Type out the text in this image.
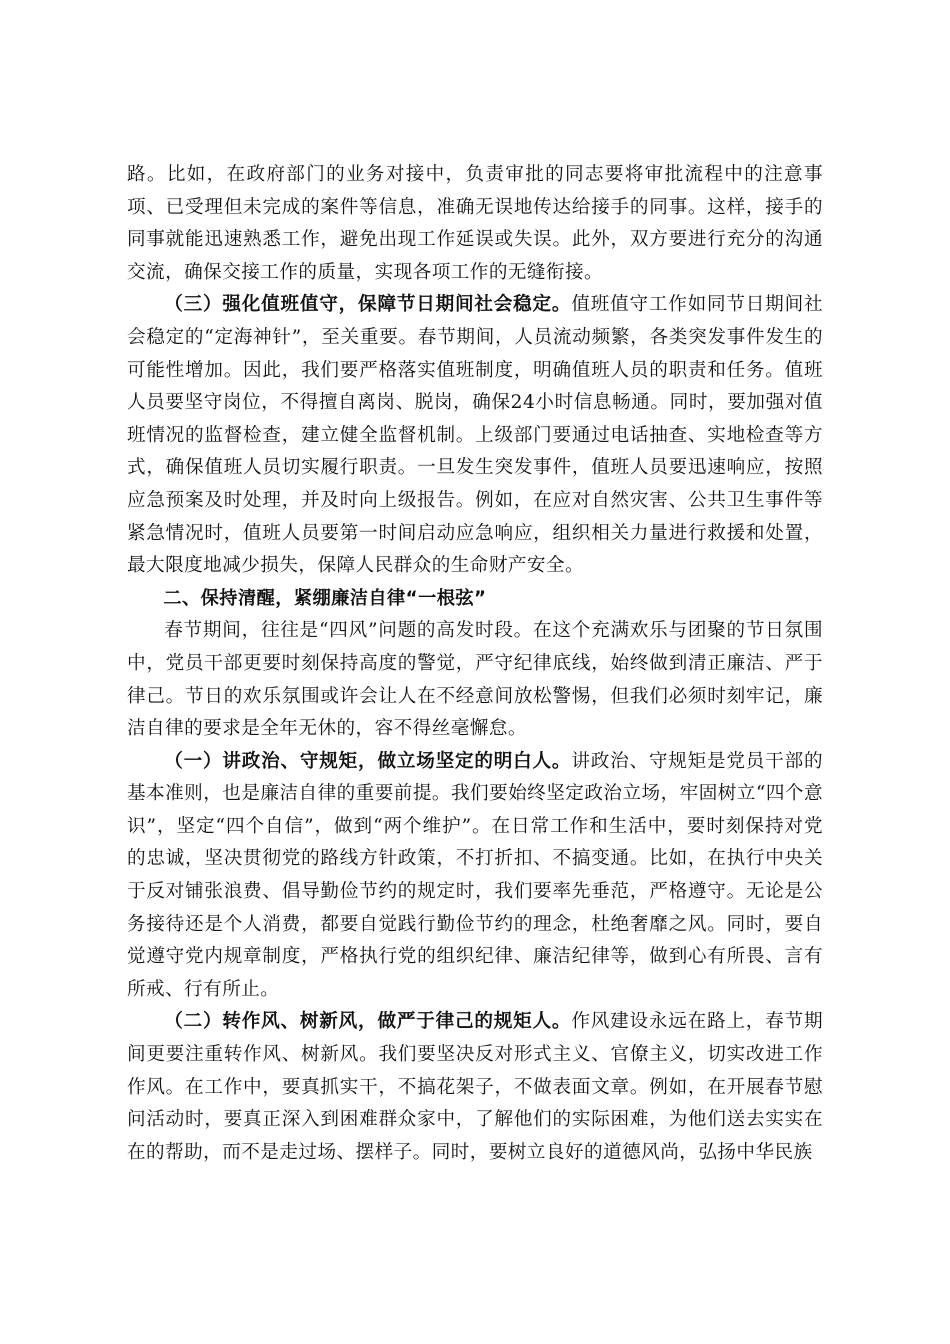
路。比如，在政府部门的业务对接中，负责审批的同志要将审批流程中的注意事项、已受理但未完成的案件等信息，准确无误地传达给接手的同事。这样，接手的同事就能迅速熟悉工作，避免出现工作延误或失误。此外，双方要进行充分的沟通交流，确保交接工作的质量，实现各项工作的无缝衔接。

（三）强化值班值守，保障节日期间社会稳定。值班值守工作如同节日期间社会稳定的“定海神针”，至关重要。春节期间，人员流动频繁，各类突发事件发生的可能性增加。因此，我们要严格落实值班制度，明确值班人员的职责和任务。值班人员要坚守岗位，不得擅自离岗、脱岗，确保24小时信息畅通。同时，要加强对值班情况的监督检查，建立健全监督机制。上级部门要通过电话抽查、实地检查等方式，确保值班人员切实履行职责。一旦发生突发事件，值班人员要迅速响应，按照应急预案及时处理，并及时向上级报告。例如，在应对自然灾害、公共卫生事件等紧急情况时，值班人员要第一时间启动应急响应，组织相关力量进行救援和处置，最大限度地减少损失，保障人民群众的生命财产安全。

二、保持清醒，紧绷廉洁自律“一根弦”

春节期间，往往是“四风”问题的高发时段。在这个充满欢乐与团聚的节日氛围中，党员干部更要时刻保持高度的警觉，严守纪律底线，始终做到清正廉洁、严于律己。节日的欢乐氛围或许会让人在不经意间放松警惕，但我们必须时刻牢记，廉洁自律的要求是全年无休的，容不得丝毫懈怠。

（一）讲政治、守规矩，做立场坚定的明白人。讲政治、守规矩是党员干部的基本准则，也是廉洁自律的重要前提。我们要始终坚定政治立场，牢固树立“四个意识”，坚定“四个自信”，做到“两个维护”。在日常工作和生活中，要时刻保持对党的忠诚，坚决贯彻党的路线方针政策，不打折扣、不搞变通。比如，在执行中央关于反对铺张浪费、倡导勤俭节约的规定时，我们要率先垂范，严格遵守。无论是公务接待还是个人消费，都要自觉践行勤俭节约的理念，杜绝奢靡之风。同时，要自觉遵守党内规章制度，严格执行党的组织纪律、廉洁纪律等，做到心有所畏、言有所戒、行有所止。

（二）转作风、树新风，做严于律己的规矩人。作风建设永远在路上，春节期间更要注重转作风、树新风。我们要坚决反对形式主义、官僚主义，切实改进工作作风。在工作中，要真抓实干，不搞花架子，不做表面文章。例如，在开展春节慰问活动时，要真正深入到困难群众家中，了解他们的实际困难，为他们送去实实在在的帮助，而不是走过场、摆样子。同时，要树立良好的道德风尚，弘扬中华民族
